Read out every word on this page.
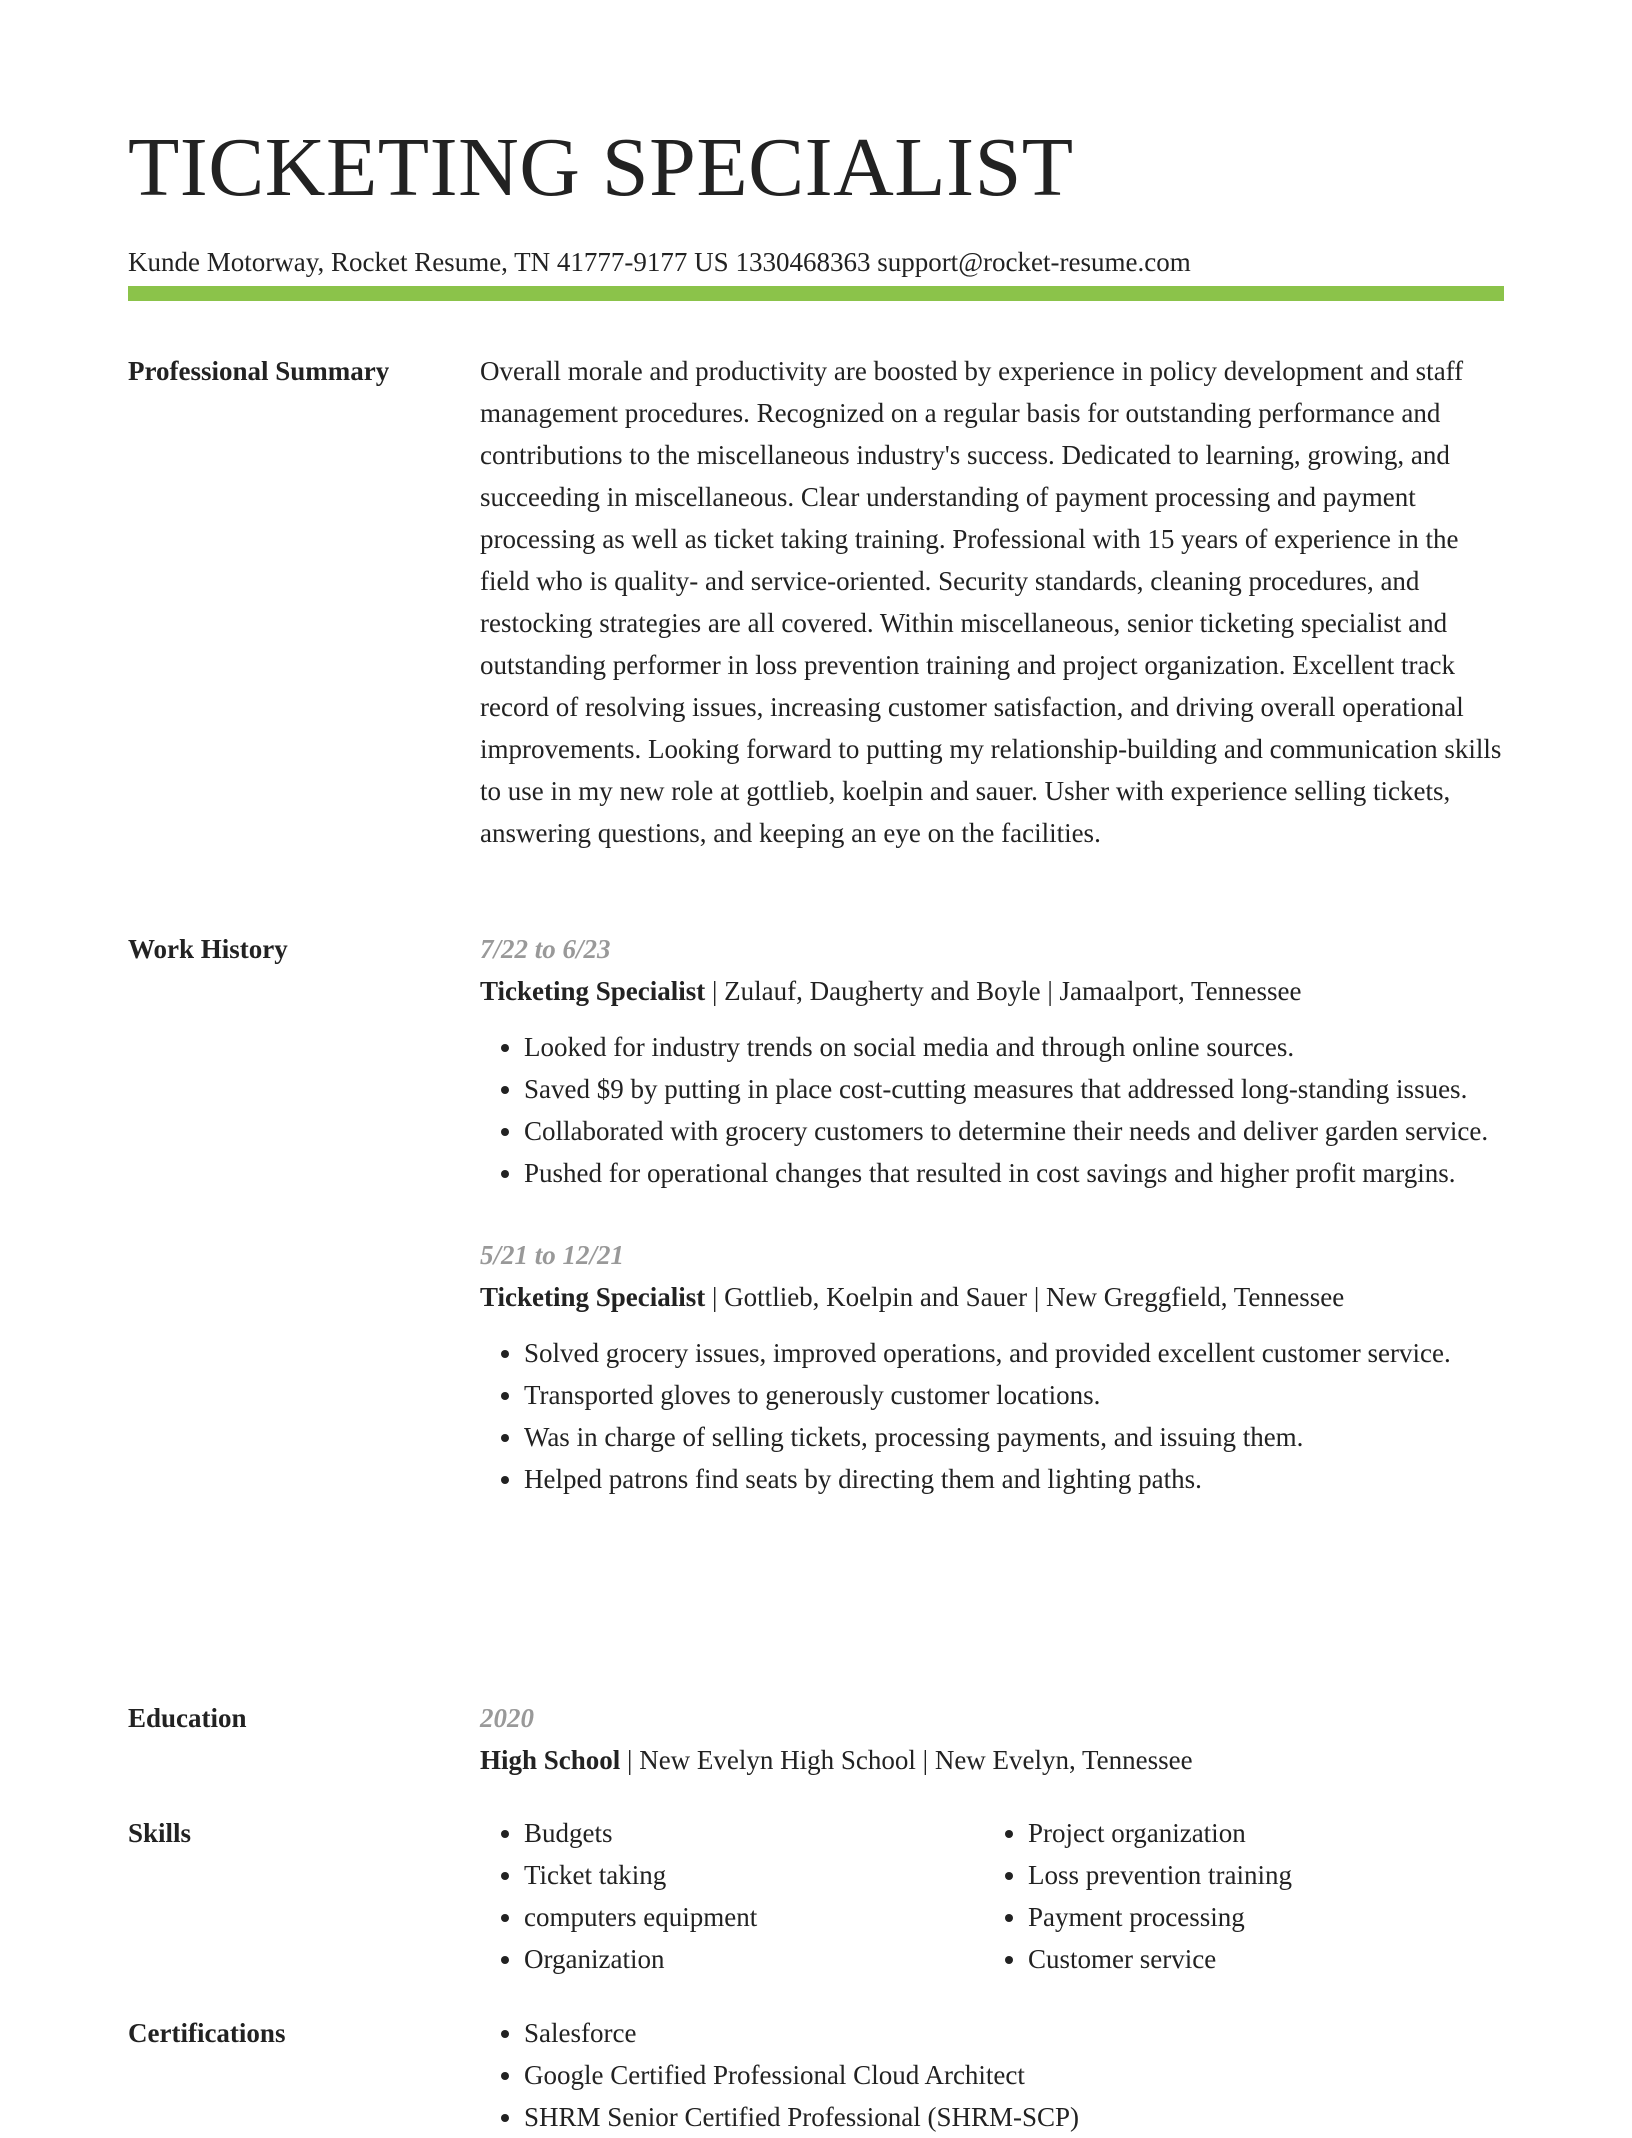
TICKETING SPECIALIST
Kunde Motorway, Rocket Resume, TN 41777-9177 US 1330468363 support@rocket-resume.com
Professional Summary	Overall morale and productivity are boosted by experience in policy development and staff management procedures. Recognized on a regular basis for outstanding performance and contributions to the miscellaneous industry's success. Dedicated to learning, growing, and succeeding in miscellaneous. Clear understanding of payment processing and payment processing as well as ticket taking training. Professional with 15 years of experience in the field who is quality- and service-oriented. Security standards, cleaning procedures, and restocking strategies are all covered. Within miscellaneous, senior ticketing specialist and outstanding performer in loss prevention training and project organization. Excellent track record of resolving issues, increasing customer satisfaction, and driving overall operational improvements. Looking forward to putting my relationship-building and communication skills to use in my new role at gottlieb, koelpin and sauer. Usher with experience selling tickets, answering questions, and keeping an eye on the facilities.

Work History	7/22 to 6/23
Ticketing Specialist | Zulauf, Daugherty and Boyle | Jamaalport, Tennessee
• Looked for industry trends on social media and through online sources.
• Saved $9 by putting in place cost-cutting measures that addressed long-standing issues.
• Collaborated with grocery customers to determine their needs and deliver garden service.
• Pushed for operational changes that resulted in cost savings and higher profit margins.
5/21 to 12/21
Ticketing Specialist | Gottlieb, Koelpin and Sauer | New Greggfield, Tennessee
• Solved grocery issues, improved operations, and provided excellent customer service.
• Transported gloves to generously customer locations.
• Was in charge of selling tickets, processing payments, and issuing them.
• Helped patrons find seats by directing them and lighting paths.
Education	2020
High School | New Evelyn High School | New Evelyn, Tennessee
Skills	• Budgets
• Ticket taking
• computers equipment
• Organization
• Project organization
• Loss prevention training
• Payment processing
• Customer service
Certifications	• Salesforce
• Google Certified Professional Cloud Architect
• SHRM Senior Certified Professional (SHRM-SCP)
